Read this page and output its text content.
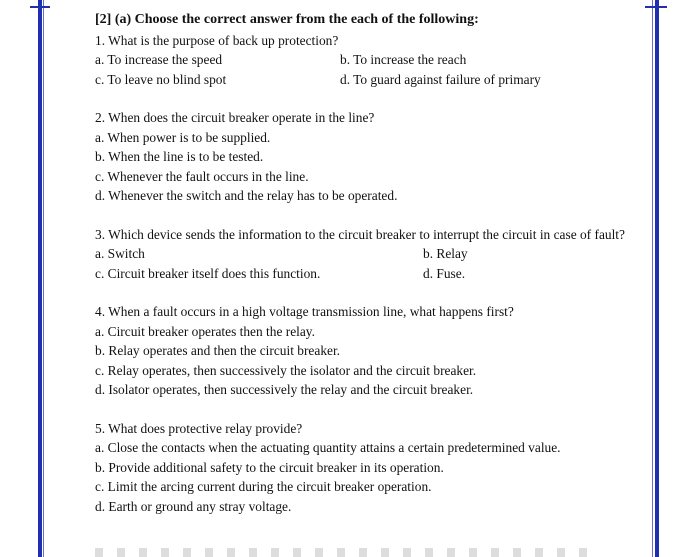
[2] (a) Choose the correct answer from the each of the following:
1. What is the purpose of back up protection?
a. To increase the speed	b. To increase the reach
c. To leave no blind spot	d. To guard against failure of primary
2. When does the circuit breaker operate in the line?
a. When power is to be supplied.
b. When the line is to be tested.
c. Whenever the fault occurs in the line.
d. Whenever the switch and the relay has to be operated.
3. Which device sends the information to the circuit breaker to interrupt the circuit in case of fault?
a. Switch	b. Relay
c. Circuit breaker itself does this function.	d. Fuse.
4. When a fault occurs in a high voltage transmission line, what happens first?
a. Circuit breaker operates then the relay.
b. Relay operates and then the circuit breaker.
c. Relay operates, then successively the isolator and the circuit breaker.
d. Isolator operates, then successively the relay and the circuit breaker.
5. What does protective relay provide?
a. Close the contacts when the actuating quantity attains a certain predetermined value.
b. Provide additional safety to the circuit breaker in its operation.
c. Limit the arcing current during the circuit breaker operation.
d. Earth or ground any stray voltage.
